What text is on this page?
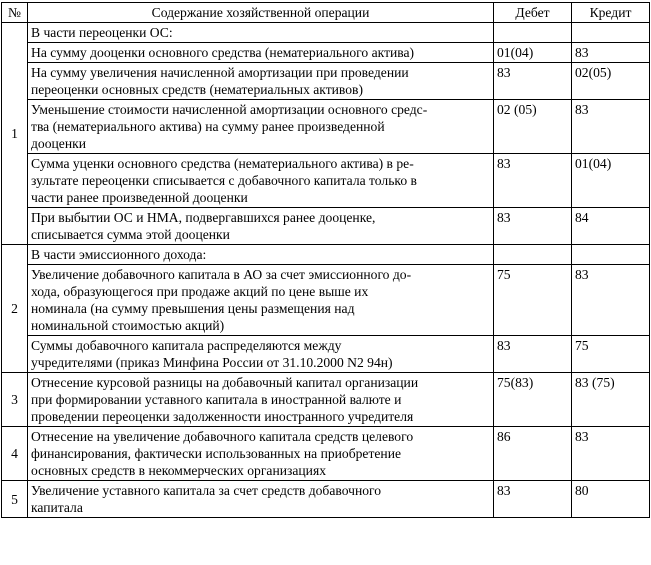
№	Содержание хозяйственной операции	Дебет	Кредит
1	В части переоценки ОС:		
	На сумму дооценки основного средства (нематериального актива)	01(04)	83
	На сумму увеличения начисленной амортизации при проведении
переоценки основных средств (нематериальных активов)	83	02(05)
	Уменьшение стоимости начисленной амортизации основного средс-
тва (нематериального актива) на сумму ранее произведенной
дооценки	02 (05)	83
	Сумма уценки основного средства (нематериального актива) в ре-
зультате переоценки списывается с добавочного капитала только в
части ранее произведенной дооценки	83	01(04)
	При выбытии ОС и НМА, подвергавшихся ранее дооценке,
списывается сумма этой дооценки	83	84
2	В части эмиссионного дохода:		
	Увеличение добавочного капитала в АО за счет эмиссионного до-
хода, образующегося при продаже акций по цене выше их
номинала (на сумму превышения цены размещения над
номинальной стоимостью акций)	75	83
	Суммы добавочного капитала распределяются между
учредителями (приказ Минфина России от 31.10.2000 N2 94н)	83	75
3	Отнесение курсовой разницы на добавочный капитал организации
при формировании уставного капитала в иностранной валюте и
проведении переоценки задолженности иностранного учредителя	75(83)	83 (75)
4	Отнесение на увеличение добавочного капитала средств целевого
финансирования, фактически использованных на приобретение
основных средств в некоммерческих организациях	86	83
5	Увеличение уставного капитала за счет средств добавочного
капитала	83	80
